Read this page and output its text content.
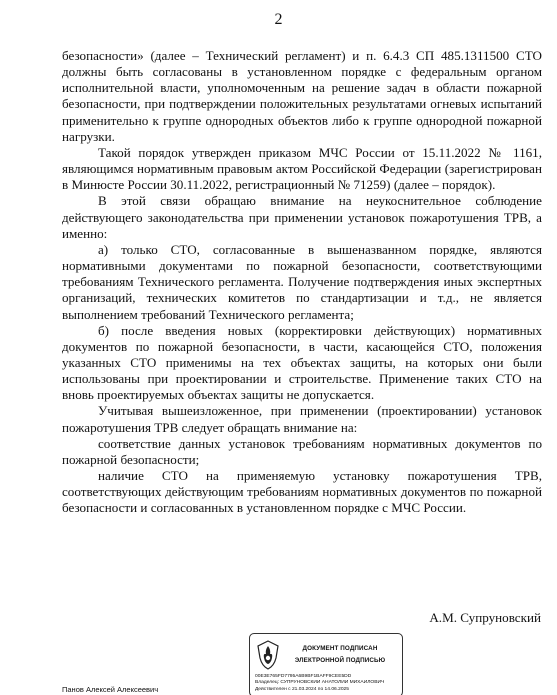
2

безопасности» (далее – Технический регламент) и п. 6.4.3 СП 485.1311500 СТО должны быть согласованы в установленном порядке с федеральным органом исполнительной власти, уполномоченным на решение задач в области пожарной безопасности, при подтверждении положительных результатами огневых испытаний применительно к группе однородных объектов либо к группе однородной пожарной нагрузки.

Такой порядок утвержден приказом МЧС России от 15.11.2022 № 1161, являющимся нормативным правовым актом Российской Федерации (зарегистрирован в Минюсте России 30.11.2022, регистрационный № 71259) (далее – порядок).

В этой связи обращаю внимание на неукоснительное соблюдение действующего законодательства при применении установок пожаротушения ТРВ, а именно:

а) только СТО, согласованные в вышеназванном порядке, являются нормативными документами по пожарной безопасности, соответствующими требованиям Технического регламента. Получение подтверждения иных экспертных организаций, технических комитетов по стандартизации и т.д., не является выполнением требований Технического регламента;

б) после введения новых (корректировки действующих) нормативных документов по пожарной безопасности, в части, касающейся СТО, положения указанных СТО применимы на тех объектах защиты, на которых они были использованы при проектировании и строительстве. Применение таких СТО на вновь проектируемых объектах защиты не допускается.

Учитывая вышеизложенное, при применении (проектировании) установок пожаротушения ТРВ следует обращать внимание на:

соответствие данных установок требованиям нормативных документов по пожарной безопасности;

наличие СТО на применяемую установку пожаротушения ТРВ, соответствующих действующим требованиям нормативных документов по пожарной безопасности и согласованных в установленном порядке с МЧС России.

А.М. Супруновский
ДОКУМЕНТ ПОДПИСАН
ЭЛЕКТРОННОЙ ПОДПИСЬЮ
00E3E765FD7795A6B9BF1BAFF9CEE5DD
Владелец: СУПРУНОВСКИЙ АНАТОЛИЙ МИХАЙЛОВИЧ
Действителен с 21.03.2024 по 14.06.2025
Панов Алексей Алексеевич
